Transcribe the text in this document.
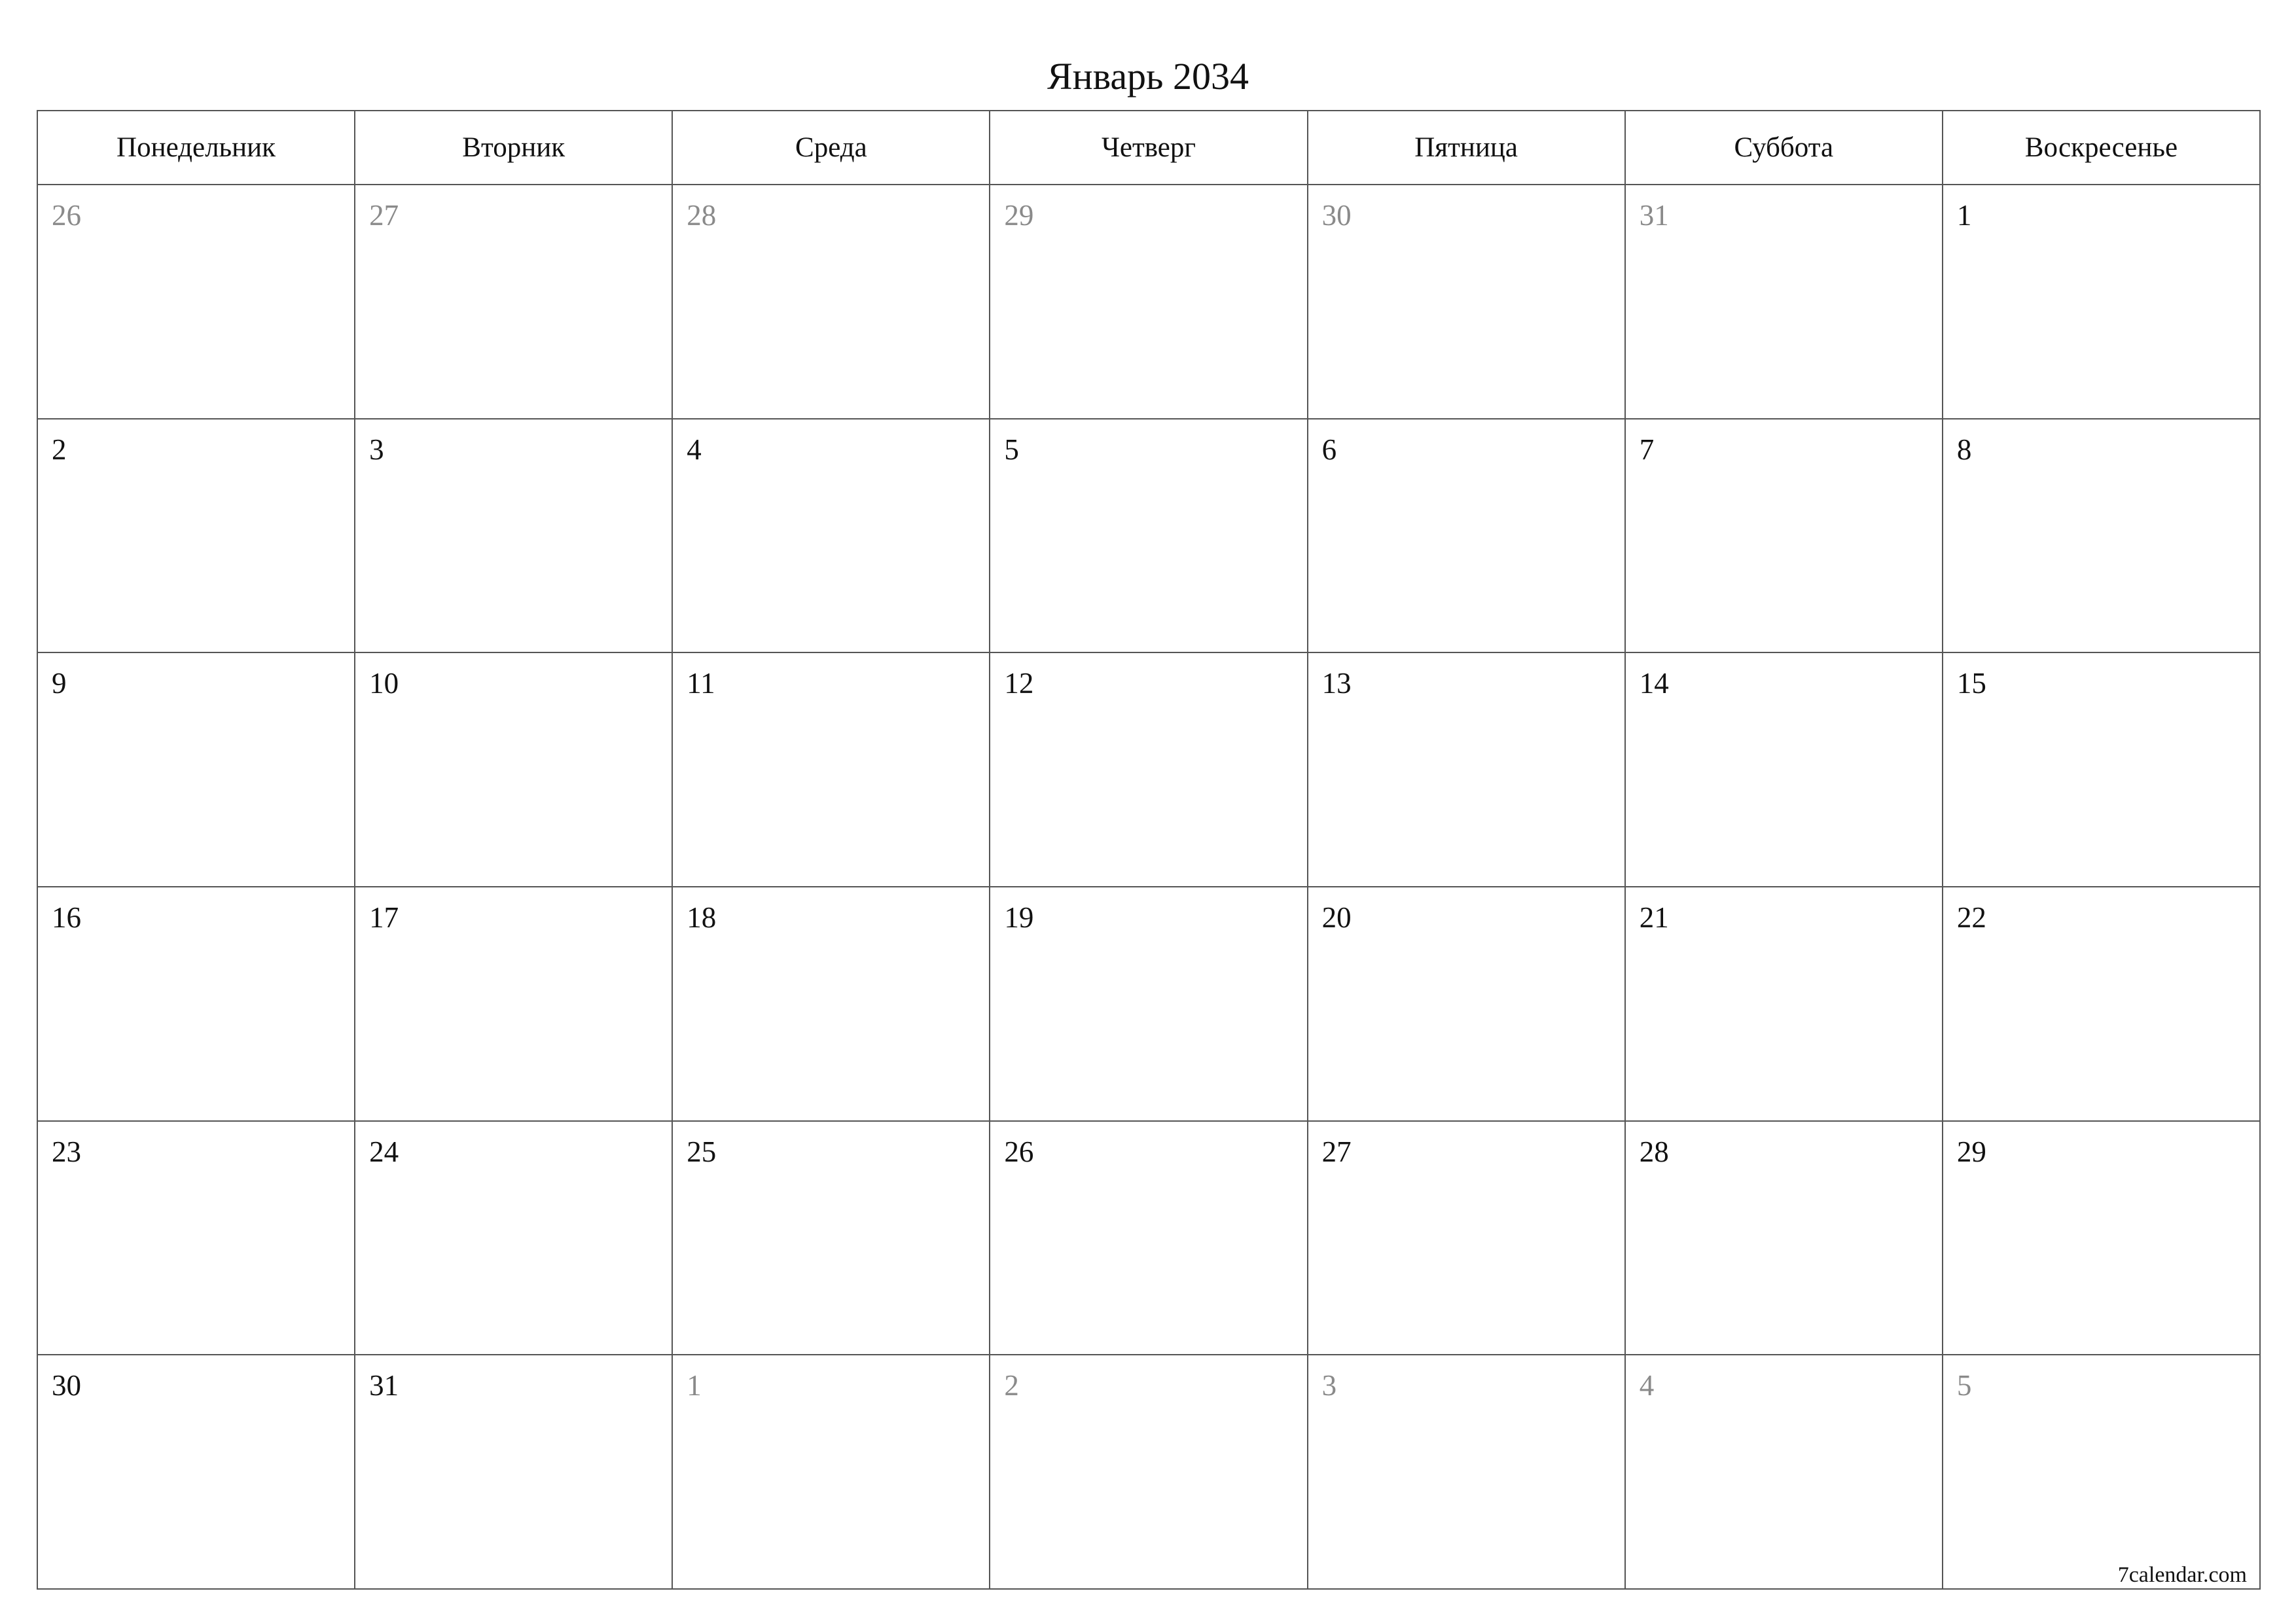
Январь 2034
Понедельник	Вторник	Среда	Четверг	Пятница	Суббота	Воскресенье
26	27	28	29	30	31	1
2	3	4	5	6	7	8
9	10	11	12	13	14	15
16	17	18	19	20	21	22
23	24	25	26	27	28	29
30	31	1	2	3	4	5
7calendar.com
